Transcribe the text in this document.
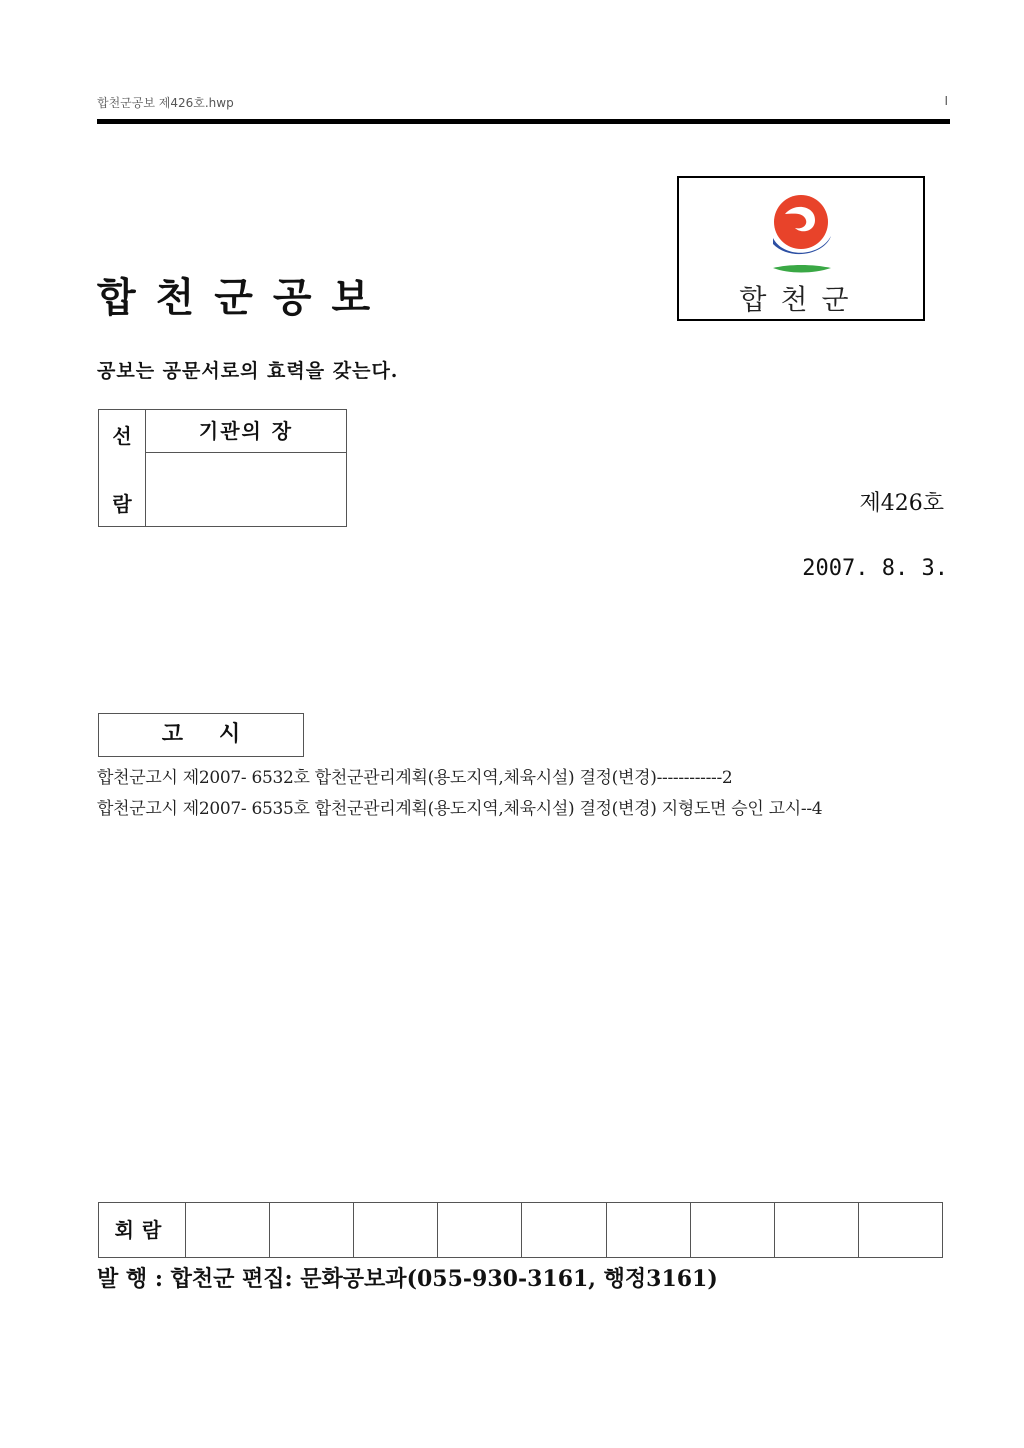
합천군공보 제426호.hwp	I
합천군공보	합천군
공보는 공문서로의 효력을 갖는다.
선
람
기관의 장
제426호
2007. 8. 3.
고시
합천군고시 제2007- 6532호 합천군관리계획(용도지역,체육시설) 결정(변경)------------2
합천군고시 제2007- 6535호 합천군관리계획(용도지역,체육시설) 결정(변경) 지형도면 승인 고시--4
회람
발 행 : 합천군 편집: 문화공보과(055-930-3161, 행정3161)
